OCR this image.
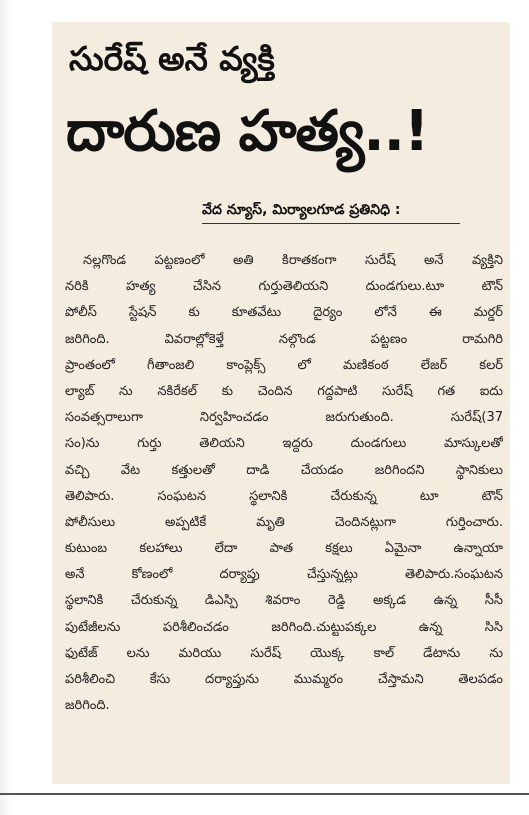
సురేష్ అనే వ్యక్తి
దారుణ హత్య..!
వేద న్యూస్, మిర్యాలగూడ ప్రతినిధి :
నల్లగొండ పట్టణంలో అతి కిరాతకంగా సురేష్ అనే వ్యక్తిని
నరికి హత్య చేసిన గుర్తుతెలియని దుండగులు.టూ టౌన్
పోలీస్ స్టేషన్ కు కూతవేటు దైర్యం లోనే ఈ మర్డర్
జరిగింది. వివరాల్లోకెళ్తే నల్గొండ పట్టణం రామగిరి
ప్రాంతంలో గీతాంజలి కాంప్లెక్స్ లో మణికంఠ లేజర్ కలర్
ల్యాబ్ ను నకిరేకల్ కు చెందిన గద్దపాటి సురేష్ గత ఐదు
సంవత్సరాలుగా నిర్వహించడం జరుగుతుంది. సురేష్(37
సం)ను గుర్తు తెలియని ఇద్దరు దుండగులు మాస్కులతో
వచ్చి వేట కత్తులతో దాడి చేయడం జరిగిందని స్థానికులు
తెలిపారు. సంఘటన స్థలానికి చేరుకున్న టూ టౌన్
పోలీసులు అప్పటికే మృతి చెందినట్లుగా గుర్తించారు.
కుటుంబ కలహాలు లేదా పాత కక్షలు ఏమైనా ఉన్నాయా
అనే కోణంలో దర్యాప్తు చేస్తున్నట్లు తెలిపారు.సంఘటన
స్థలానికి చేరుకున్న డిఎస్పి శివరాం రెడ్డి అక్కడ ఉన్న సీసీ
పుటేజీలను పరిశీలించడం జరిగింది.చుట్టుపక్కల ఉన్న సిసి
ఫుటేజ్ లను మరియు సురేష్ యొక్క కాల్ డేటాను ను
పరిశీలించి కేసు దర్యాప్తును ముమ్మరం చేస్తామని తెలపడం
జరిగింది.
